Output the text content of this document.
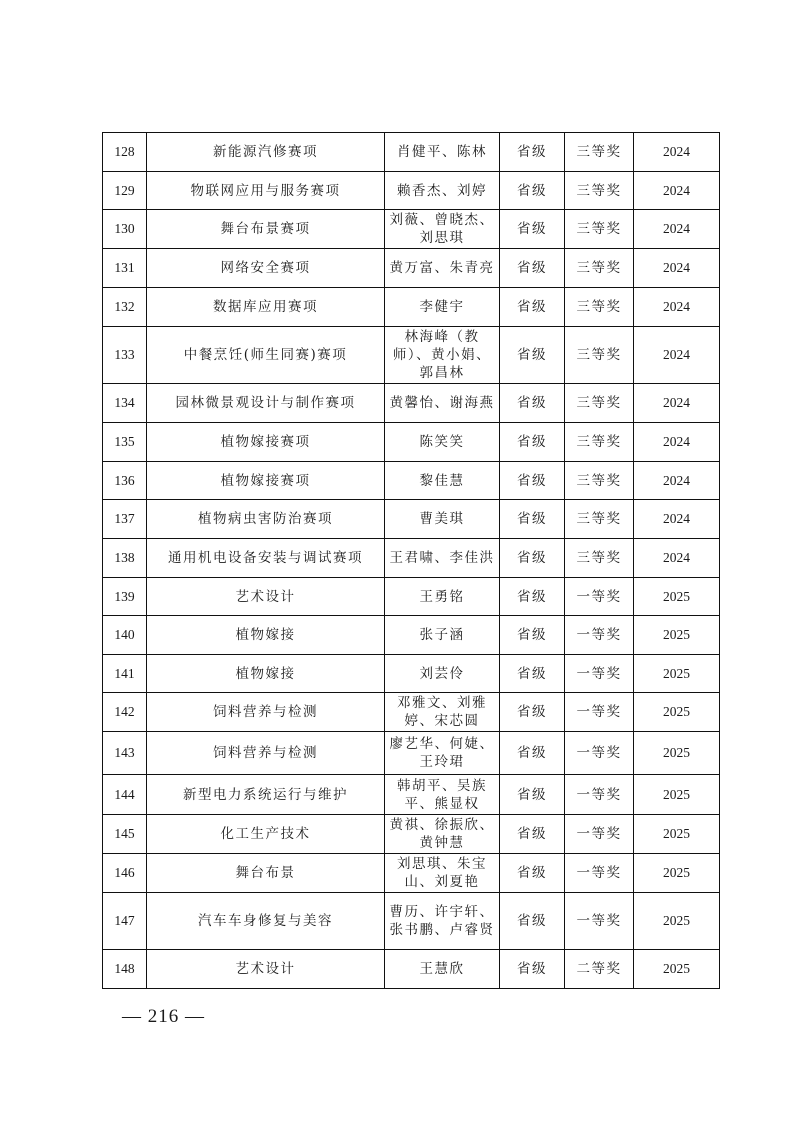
128	新能源汽修赛项	肖健平、陈林	省级	三等奖	2024
129	物联网应用与服务赛项	赖香杰、刘婷	省级	三等奖	2024
130	舞台布景赛项	刘薇、曾晓杰、刘思琪	省级	三等奖	2024
131	网络安全赛项	黄万富、朱青亮	省级	三等奖	2024
132	数据库应用赛项	李健宇	省级	三等奖	2024
133	中餐烹饪(师生同赛)赛项	林海峰（教师）、黄小娟、郭昌林	省级	三等奖	2024
134	园林微景观设计与制作赛项	黄馨怡、谢海燕	省级	三等奖	2024
135	植物嫁接赛项	陈笑笑	省级	三等奖	2024
136	植物嫁接赛项	黎佳慧	省级	三等奖	2024
137	植物病虫害防治赛项	曹美琪	省级	三等奖	2024
138	通用机电设备安装与调试赛项	王君啸、李佳洪	省级	三等奖	2024
139	艺术设计	王勇铭	省级	一等奖	2025
140	植物嫁接	张子涵	省级	一等奖	2025
141	植物嫁接	刘芸伶	省级	一等奖	2025
142	饲料营养与检测	邓雅文、刘雅婷、宋芯圆	省级	一等奖	2025
143	饲料营养与检测	廖艺华、何婕、王玲珺	省级	一等奖	2025
144	新型电力系统运行与维护	韩胡平、吴族平、熊显权	省级	一等奖	2025
145	化工生产技术	黄祺、徐振欣、黄钟慧	省级	一等奖	2025
146	舞台布景	刘思琪、朱宝山、刘夏艳	省级	一等奖	2025
147	汽车车身修复与美容	曹历、许宇轩、张书鹏、卢睿贤	省级	一等奖	2025
148	艺术设计	王慧欣	省级	二等奖	2025
— 216 —
